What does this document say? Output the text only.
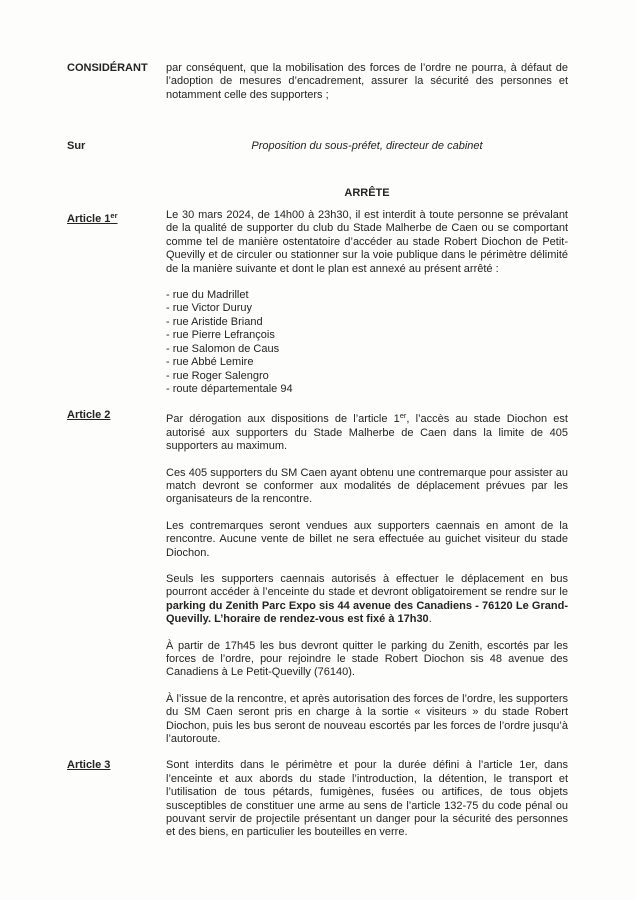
CONSIDÉRANT	par conséquent, que la mobilisation des forces de l’ordre ne pourra, à défaut de l’adoption de mesures d’encadrement, assurer la sécurité des personnes et notamment celle des supporters ;

Sur	Proposition du sous-préfet, directeur de cabinet

ARRÊTE

Article 1er	Le 30 mars 2024, de 14h00 à 23h30, il est interdit à toute personne se prévalant de la qualité de supporter du club du Stade Malherbe de Caen ou se comportant comme tel de manière ostentatoire d’accéder au stade Robert Diochon de Petit-Quevilly et de circuler ou stationner sur la voie publique dans le périmètre délimité de la manière suivante et dont le plan est annexé au présent arrêté :

- rue du Madrillet
- rue Victor Duruy
- rue Aristide Briand
- rue Pierre Lefrançois
- rue Salomon de Caus
- rue Abbé Lemire
- rue Roger Salengro
- route départementale 94
Article 2	Par dérogation aux dispositions de l’article 1er, l’accès au stade Diochon est autorisé aux supporters du Stade Malherbe de Caen dans la limite de 405 supporters au maximum.

Ces 405 supporters du SM Caen ayant obtenu une contremarque pour assister au match devront se conformer aux modalités de déplacement prévues par les organisateurs de la rencontre.

Les contremarques seront vendues aux supporters caennais en amont de la rencontre. Aucune vente de billet ne sera effectuée au guichet visiteur du stade Diochon.

Seuls les supporters caennais autorisés à effectuer le déplacement en bus pourront accéder à l’enceinte du stade et devront obligatoirement se rendre sur le parking du Zenith Parc Expo sis 44 avenue des Canadiens - 76120 Le Grand-Quevilly. L’horaire de rendez-vous est fixé à 17h30.

À partir de 17h45 les bus devront quitter le parking du Zenith, escortés par les forces de l’ordre, pour rejoindre le stade Robert Diochon sis 48 avenue des Canadiens à Le Petit-Quevilly (76140).

À l’issue de la rencontre, et après autorisation des forces de l’ordre, les supporters du SM Caen seront pris en charge à la sortie « visiteurs » du stade Robert Diochon, puis les bus seront de nouveau escortés par les forces de l’ordre jusqu’à l’autoroute.

Article 3	Sont interdits dans le périmètre et pour la durée défini à l’article 1er, dans l’enceinte et aux abords du stade l’introduction, la détention, le transport et l’utilisation de tous pétards, fumigènes, fusées ou artifices, de tous objets susceptibles de constituer une arme au sens de l’article 132-75 du code pénal ou pouvant servir de projectile présentant un danger pour la sécurité des personnes et des biens, en particulier les bouteilles en verre.
